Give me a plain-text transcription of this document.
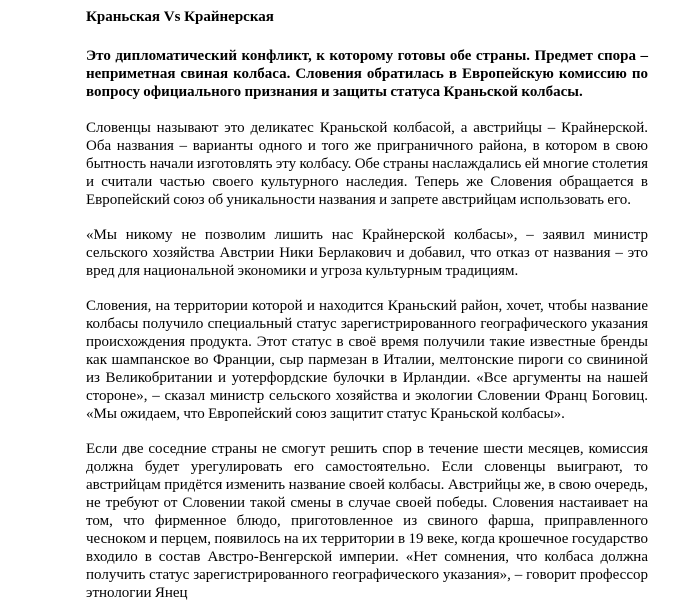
Краньская Vs Крайнерская

Это дипломатический конфликт, к которому готовы обе страны. Предмет спора – неприметная свиная колбаса. Словения обратилась в Европейскую комиссию по вопросу официального признания и защиты статуса Краньской колбасы.

Словенцы называют это деликатес Краньской колбасой, а австрийцы – Крайнерской. Оба названия – варианты одного и того же приграничного района, в котором в свою бытность начали изготовлять эту колбасу. Обе страны наслаждались ей многие столетия и считали частью своего культурного наследия. Теперь же Словения обращается в Европейский союз об уникальности названия и запрете австрийцам использовать его.

«Мы никому не позволим лишить нас Крайнерской колбасы», – заявил министр сельского хозяйства Австрии Ники Берлакович и добавил, что отказ от названия – это вред для национальной экономики и угроза культурным традициям.

Словения, на территории которой и находится Краньский район, хочет, чтобы название колбасы получило специальный статус зарегистрированного географического указания происхождения продукта. Этот статус в своё время получили такие известные бренды как шампанское во Франции, сыр пармезан в Италии, мелтонские пироги со свининой из Великобритании и уотерфордские булочки в Ирландии. «Все аргументы на нашей стороне», – сказал министр сельского хозяйства и экологии Словении Франц Боговиц. «Мы ожидаем, что Европейский союз защитит статус Краньской колбасы».

Если две соседние страны не смогут решить спор в течение шести месяцев, комиссия должна будет урегулировать его самостоятельно. Если словенцы выиграют, то австрийцам придётся изменить название своей колбасы. Австрийцы же, в свою очередь, не требуют от Словении такой смены в случае своей победы. Словения настаивает на том, что фирменное блюдо, приготовленное из свиного фарша, приправленного чесноком и перцем, появилось на их территории в 19 веке, когда крошечное государство входило в состав Австро-Венгерской империи. «Нет сомнения, что колбаса должна получить статус зарегистрированного географического указания», – говорит профессор этнологии Янец
